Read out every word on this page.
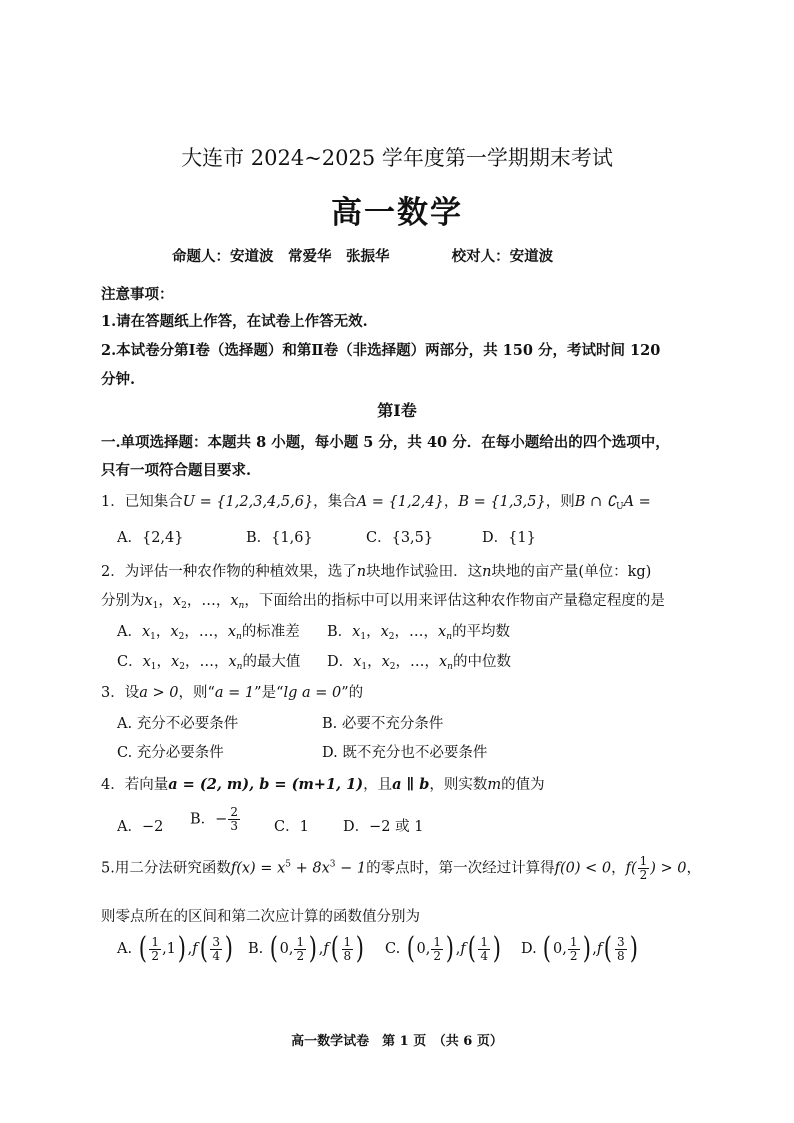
大连市 2024~2025 学年度第一学期期末考试
高一数学
命题人：安道波　常爱华　张振华	校对人：安道波
注意事项：
1.请在答题纸上作答，在试卷上作答无效.
2.本试卷分第Ⅰ卷（选择题）和第Ⅱ卷（非选择题）两部分，共 150 分，考试时间 120
分钟.
第Ⅰ卷
一.单项选择题：本题共 8 小题，每小题 5 分，共 40 分．在每小题给出的四个选项中，
只有一项符合题目要求.
1．已知集合U = {1,2,3,4,5,6}，集合A = {1,2,4}，B = {1,3,5}，则B ∩ $∁_UA$ =
A．{2,4}	B．{1,6}	C．{3,5}	D．{1}
2．为评估一种农作物的种植效果，选了n块地作试验田．这n块地的亩产量(单位：kg)
分别为$x_1$，$x_2$，…，$x_n$，下面给出的指标中可以用来评估这种农作物亩产量稳定程度的是
A．$x_1$，$x_2$，…，$x_n$的标准差 B．$x_1$，$x_2$，…，$x_n$的平均数
C．$x_1$，$x_2$，…，$x_n$的最大值 D．$x_1$，$x_2$，…，$x_n$的中位数
3．设a > 0，则“a = 1”是“lg a = 0”的
A. 充分不必要条件	B. 必要不充分条件
C. 充分必要条件	D. 既不充分也不必要条件
4．若向量a = (2, m), b = (m+1, 1)，且a ∥ b，则实数m的值为
A．−2 B．− $\frac{2}{3}$ C．1 D．−2 或 1
5.用二分法研究函数$f(x) = x^5 + 8x^3 - 1$的零点时，第一次经过计算得f(0) < 0，$f( \frac{1}{2}$ ) > 0，
则零点所在的区间和第二次应计算的函数值分别为
A. ( $\frac{1}{2} ,1$) $,f( \frac{3}{4}$ ) B. ( 0, $\frac{1}{2}$ ) $,f( \frac{1}{8}$ ) C. ( 0, $\frac{1}{2}$ ) $,f( \frac{1}{4}$ ) D. ( 0, $\frac{1}{2}$ ) $,f( \frac{3}{8}$ )
高一数学试卷　第 1 页　（共 6 页）
